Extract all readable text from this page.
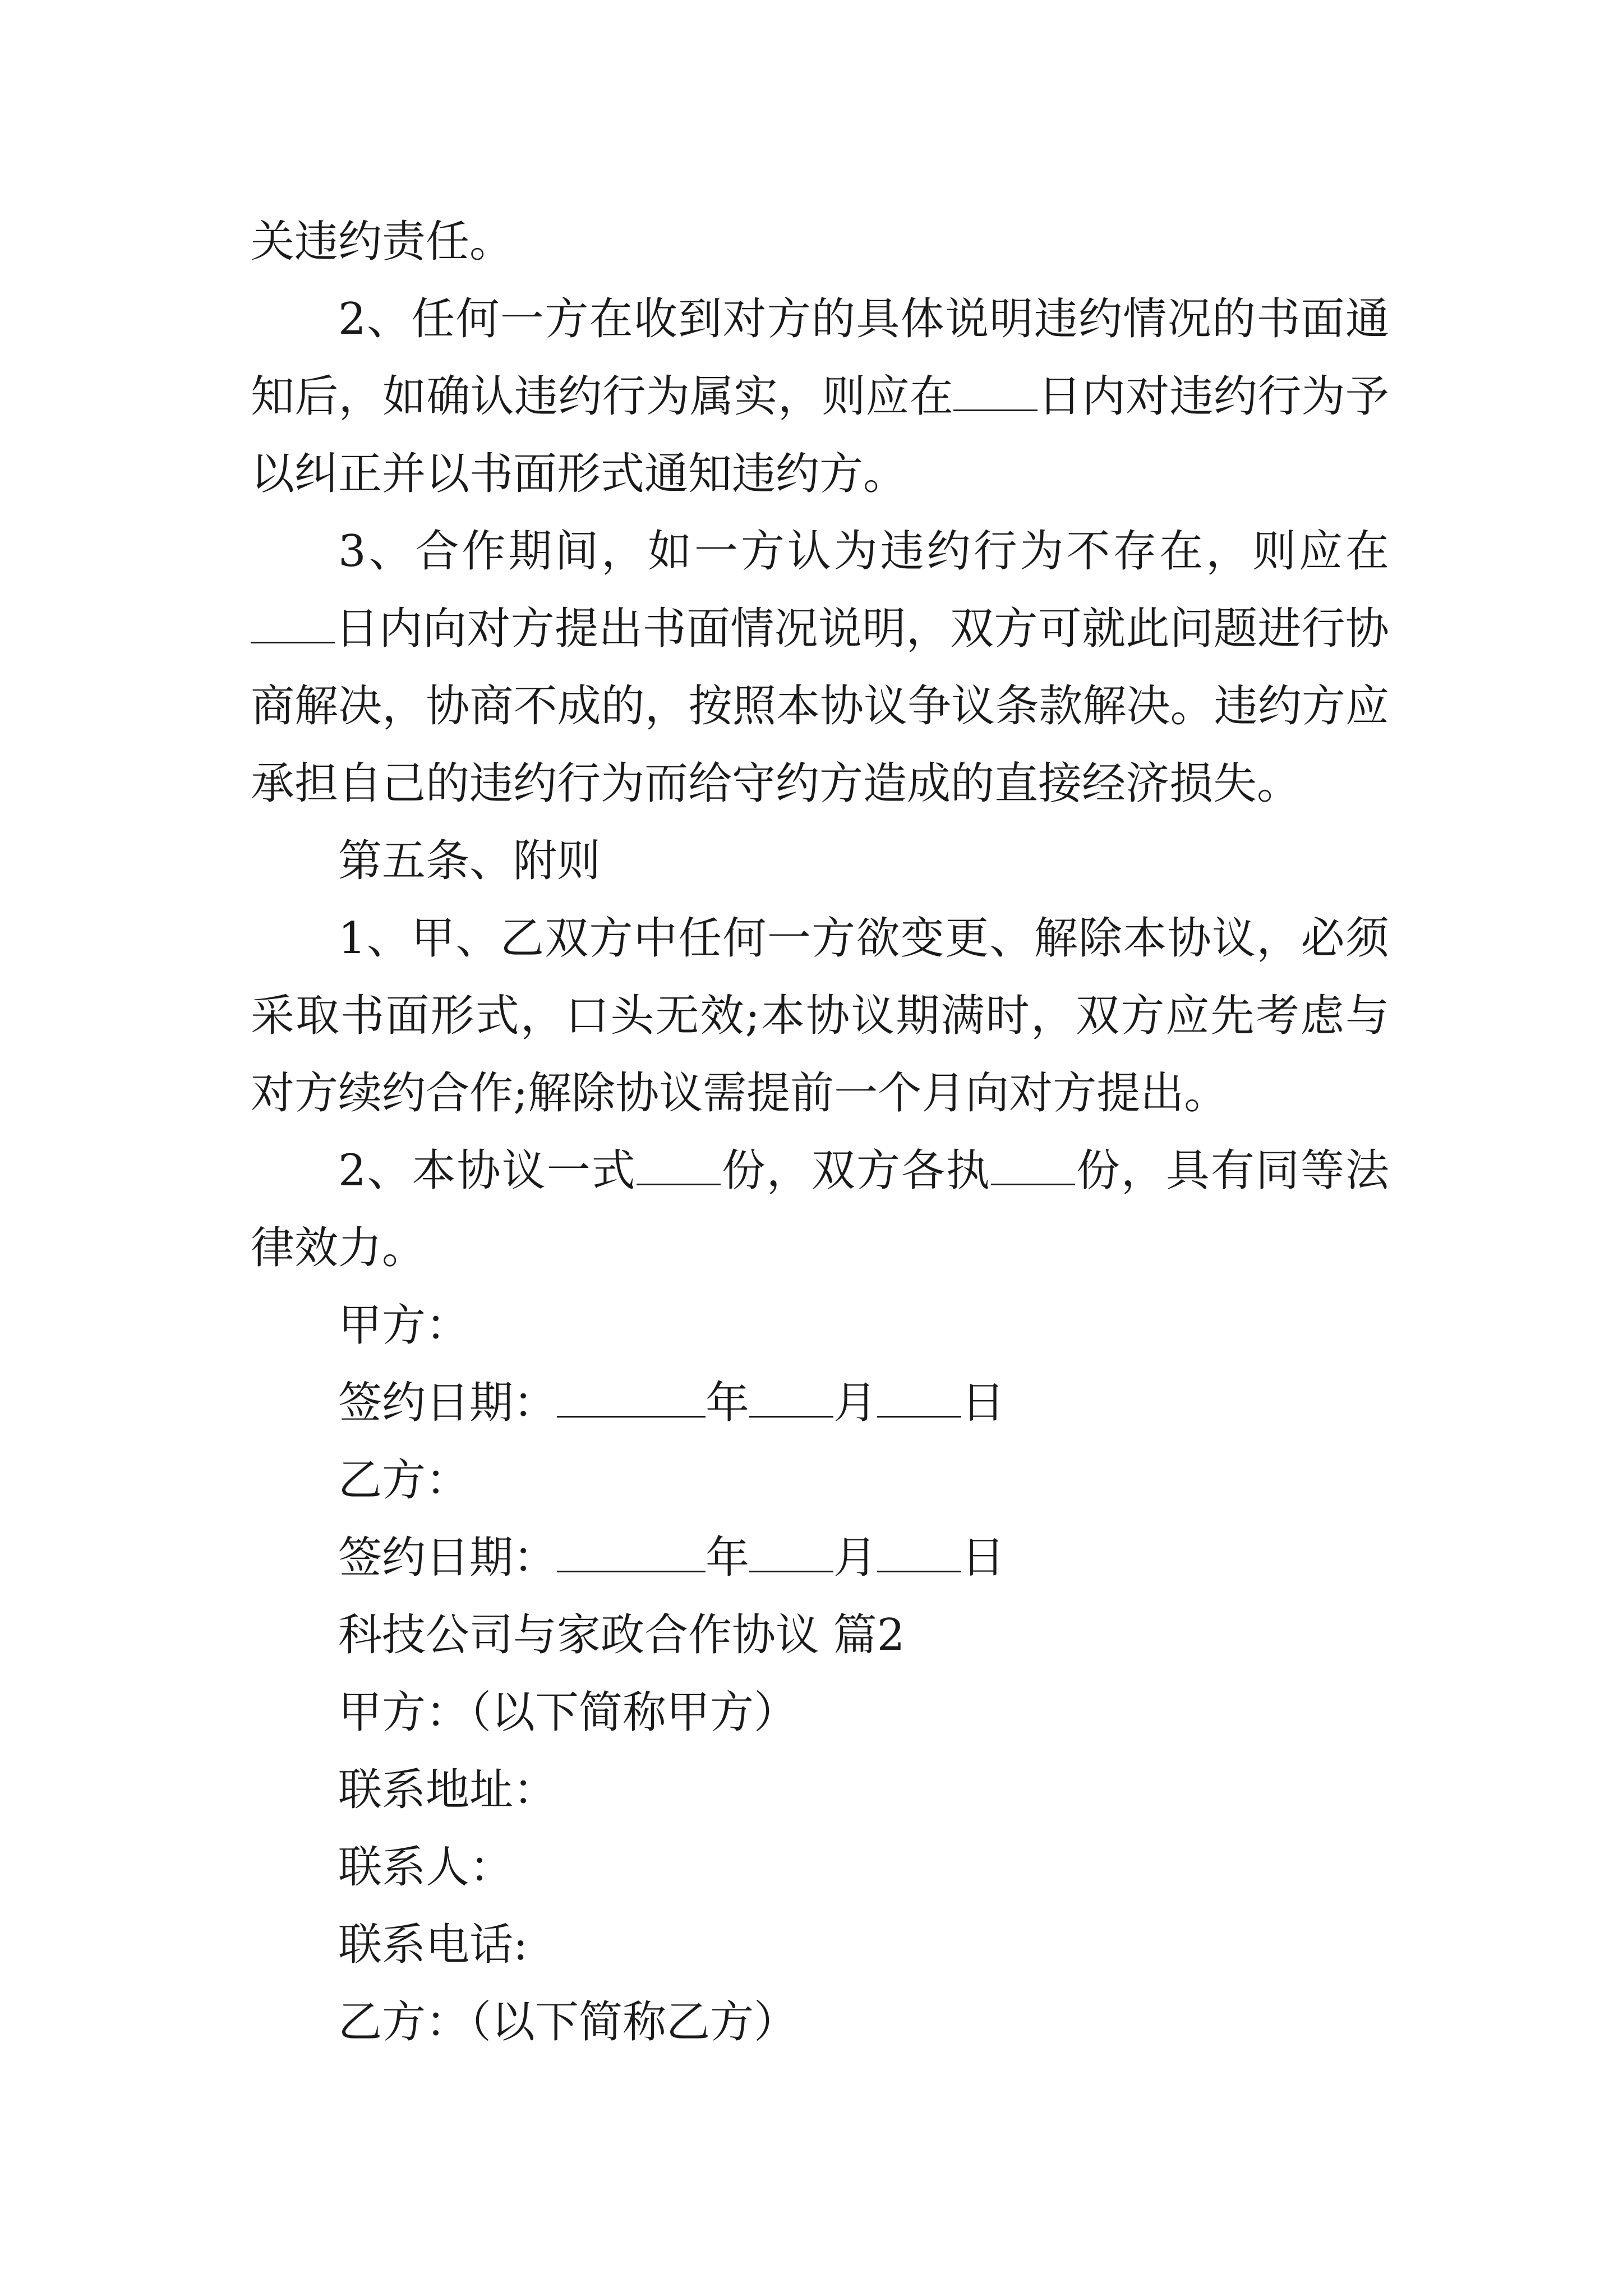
关违约责任。

2、任何一方在收到对方的具体说明违约情况的书面通知后，如确认违约行为属实，则应在 日内对违约行为予以纠正并以书面形式通知违约方。

3、合作期间，如一方认为违约行为不存在，则应在日内向对方提出书面情况说明，双方可就此问题进行协商解决，协商不成的，按照本协议争议条款解决。违约方应承担自己的违约行为而给守约方造成的直接经济损失。

第五条、附则

1、甲、乙双方中任何一方欲变更、解除本协议，必须采取书面形式，口头无效;本协议期满时，双方应先考虑与对方续约合作;解除协议需提前一个月向对方提出。

2、本协议一式 份，双方各执 份，具有同等法律效力。

甲方：

签约日期：	年 月 日

乙方：

签约日期：	年 月 日

科技公司与家政合作协议 篇2

甲方：（以下简称甲方）

联系地址：

联系人：

联系电话:

乙方：（以下简称乙方）
